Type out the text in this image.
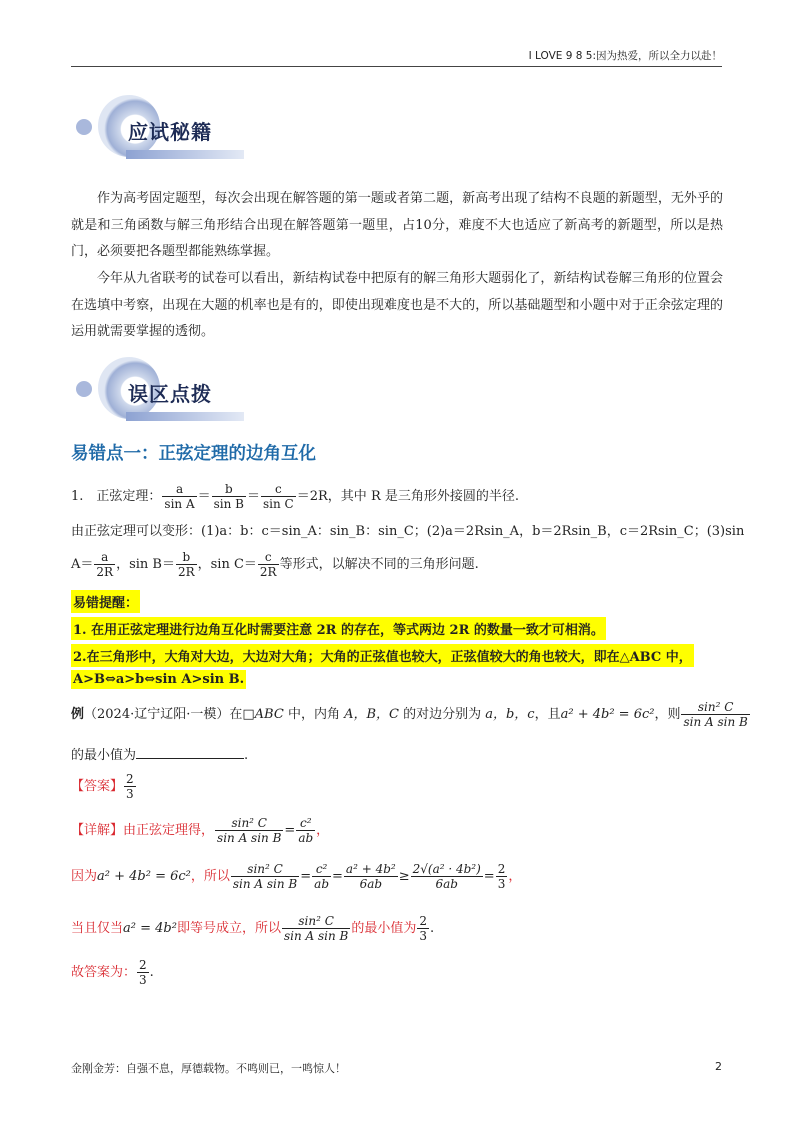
I LOVE 9 8 5:因为热爱，所以全力以赴！
应试秘籍
作为高考固定题型，每次会出现在解答题的第一题或者第二题，新高考出现了结构不良题的新题型，无外乎的就是和三角函数与解三角形结合出现在解答题第一题里，占10分，难度不大也适应了新高考的新题型，所以是热门，必须要把各题型都能熟练掌握。
今年从九省联考的试卷可以看出，新结构试卷中把原有的解三角形大题弱化了，新结构试卷解三角形的位置会在选填中考察，出现在大题的机率也是有的，即使出现难度也是不大的，所以基础题型和小题中对于正余弦定理的运用就需要掌握的透彻。
误区点拨
易错点一：正弦定理的边角互化
1.　正弦定理： $\frac{a}{\text{sin A}} = \frac{b}{\text{sin B}} = \frac{c}{\text{sin C}} =2R$，其中 R 是三角形外接圆的半径.
由正弦定理可以变形：(1)a：b：c＝sin_A：sin_B：sin_C；(2)a＝2Rsin_A，b＝2Rsin_B，c＝2Rsin_C；(3)sin
$A= \frac{a}{2R}$ ，$\sin B= \frac{b}{2R}$ ，$\sin C= \frac{c}{2R}$ 等形式，以解决不同的三角形问题.
易错提醒：
1. 在用正弦定理进行边角互化时需要注意 2R 的存在，等式两边 2R 的数量一致才可相消。
2.在三角形中，大角对大边，大边对大角；大角的正弦值也较大，正弦值较大的角也较大，即在△ABC 中，
A>B⇔a>b⇔sin A>sin B.
例（2024·辽宁辽阳·一模）在□ABC 中，内角 A，B，C 的对边分别为 a，b，c，且a² + 4b² = 6c²，则 $\frac{\text{sin² C}}{\text{sin A sin B}}$
的最小值为	.
【答案】 $\frac{2}{3}$
【详解】由正弦定理得， $\frac{\text{sin² C}}{\text{sin A sin B}} = \frac{\text{c²}}{ab}$ ，
因为a² + 4b² = 6c²，所以 $\frac{\text{sin² C}}{\text{sin A sin B}} = \frac{\text{c²}}{ab} = \frac{\text{a² + 4b²}}{6ab} \ge \frac{\text{2√(a² · 4b²)}}{6ab} = \frac{2}{3}$ ，
当且仅当a² = 4b²即等号成立，所以 $\frac{\text{sin² C}}{\text{sin A sin B}}$ 的最小值为 $\frac{2}{3}$ .
故答案为： $\frac{2}{3}$ .
金刚金芳：自强不息，厚德载物。不鸣则已，一鸣惊人！	2
